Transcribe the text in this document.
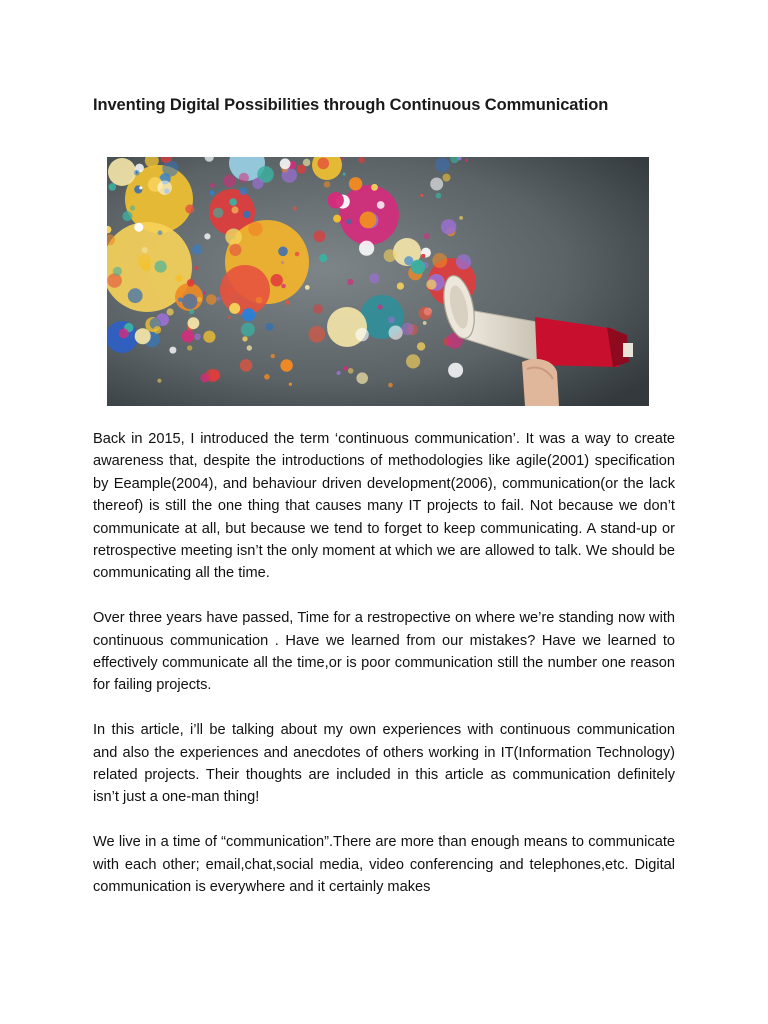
Inventing Digital Possibilities through Continuous Communication

Back in 2015, I introduced the term ‘continuous communication’. It was a way to create awareness that, despite the introductions of methodologies like agile(2001) specification by Eeample(2004), and behaviour driven development(2006), communication(or the lack thereof) is still the one thing that causes many IT projects to fail. Not because we don’t communicate at all, but because we tend to forget to keep communicating. A stand-up or retrospective meeting isn’t the only moment at which we are allowed to talk. We should be communicating all the time.

Over three years have passed, Time for a restropective on where we’re standing now with continuous communication . Have we learned from our mistakes? Have we learned to effectively communicate all the time,or is poor communication still the number one reason for failing projects.

In this article, i’ll be talking about my own experiences with continuous communication and also the experiences and anecdotes of others working in IT(Information Technology) related projects. Their thoughts are included in this article as communication definitely isn’t just a one-man thing!

We live in a time of “communication”.There are more than enough means to communicate with each other; email,chat,social media, video conferencing and telephones,etc. Digital communication is everywhere and it certainly makes
